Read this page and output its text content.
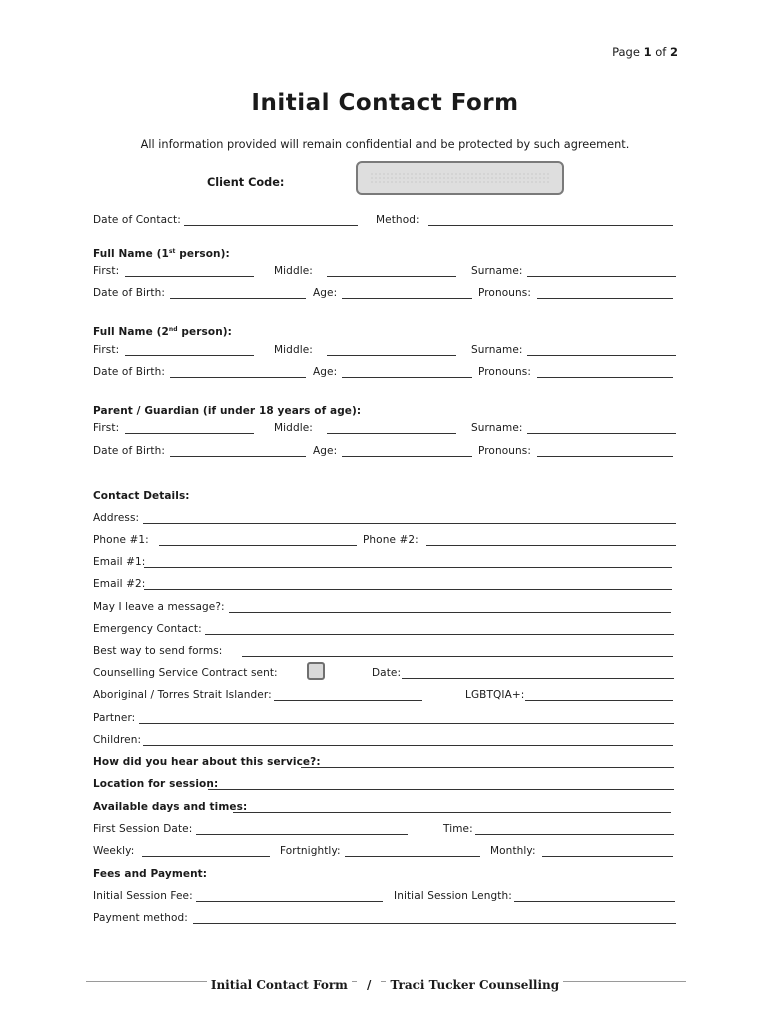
Page 1 of 2
Initial Contact Form
All information provided will remain confidential and be protected by such agreement.
Client Code:
Date of Contact:	Method:
Full Name (1st person):
First:	Middle:	Surname:
Date of Birth:	Age:	Pronouns:
Full Name (2nd person):
First:	Middle:	Surname:
Date of Birth:	Age:	Pronouns:
Parent / Guardian (if under 18 years of age):
First:	Middle:	Surname:
Date of Birth:	Age:	Pronouns:
Contact Details:
Address:
Phone #1:	Phone #2:
Email #1:
Email #2:
May I leave a message?:
Emergency Contact:
Best way to send forms:
Counselling Service Contract sent:	Date:
Aboriginal / Torres Strait Islander:	LGBTQIA+:
Partner:
Children:
How did you hear about this service?:
Location for session:
Available days and times:
First Session Date:	Time:
Weekly:	Fortnightly:	Monthly:
Fees and Payment:
Initial Session Fee:	Initial Session Length:
Payment method:
Initial Contact Form / Traci Tucker Counselling
